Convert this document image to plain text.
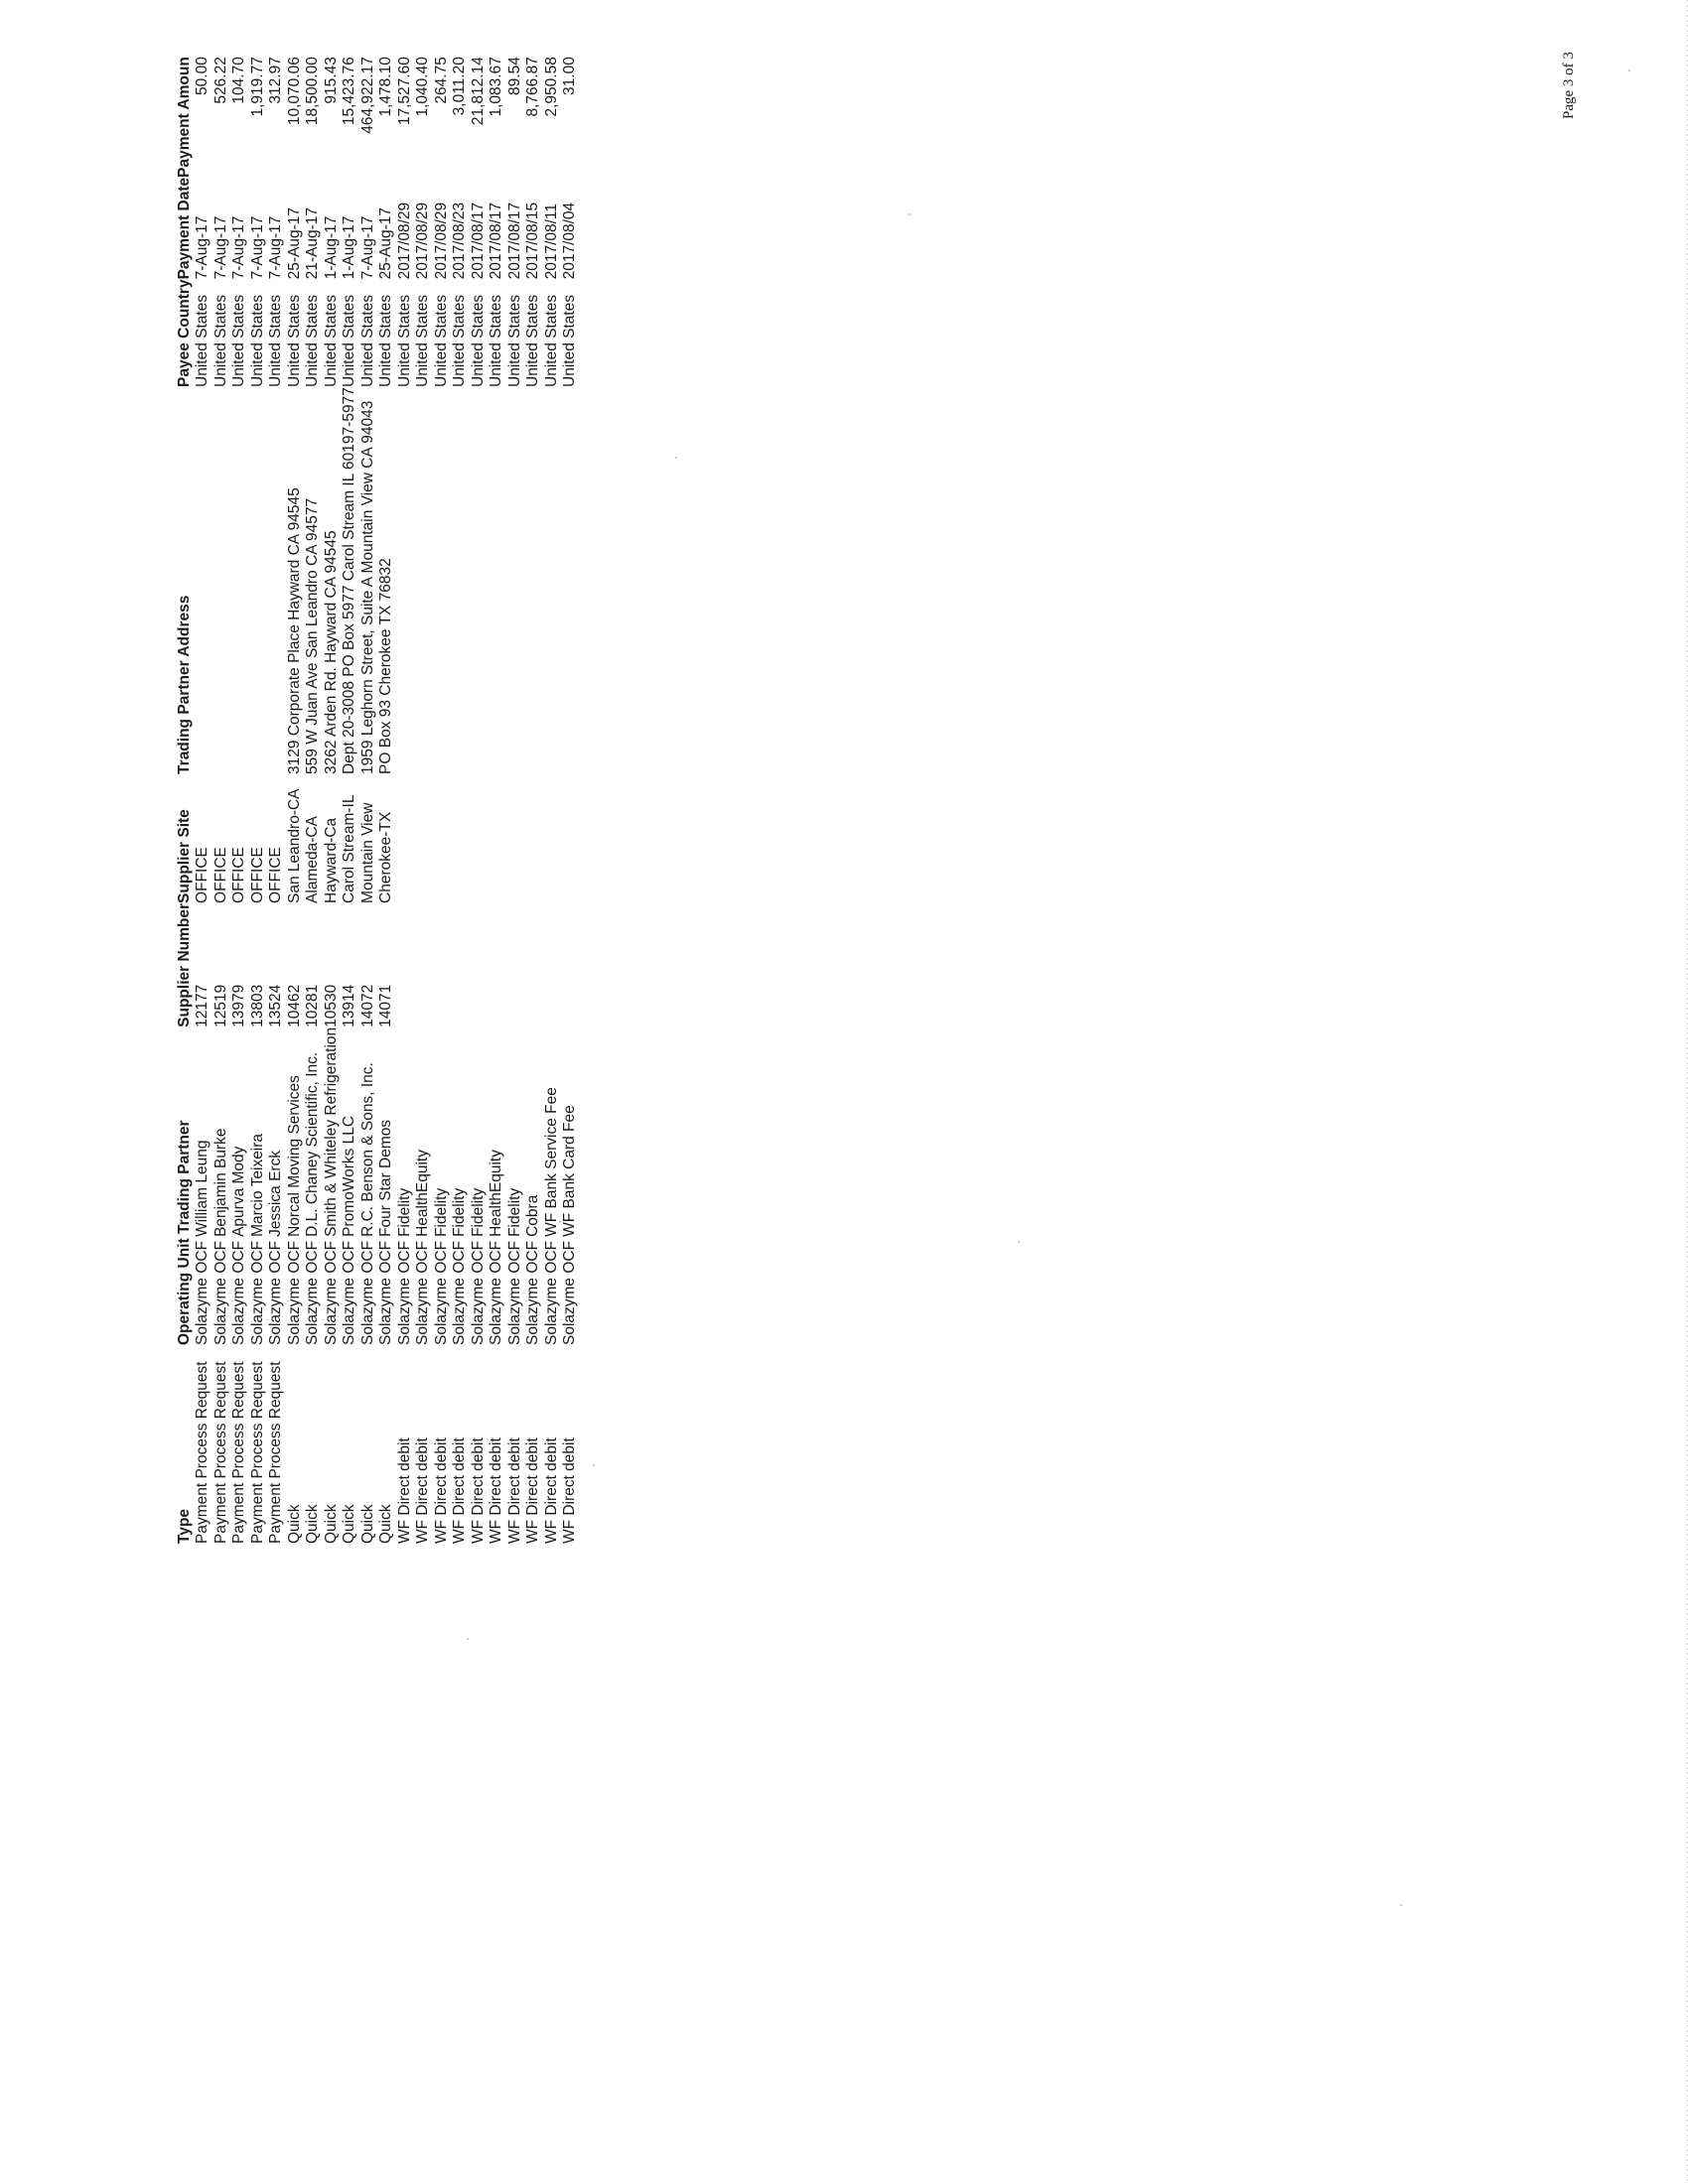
Type	Operating Unit Trading Partner		Supplier Number	Supplier Site	Trading Partner Address	Payee Country	Payment Date	Payment Amoun
Payment Process Request	Solazyme OCF	William Leung	12177	OFFICE		United States	7-Aug-17	50.00
Payment Process Request	Solazyme OCF	Benjamin Burke	12519	OFFICE		United States	7-Aug-17	526.22
Payment Process Request	Solazyme OCF	Apurva Mody	13979	OFFICE		United States	7-Aug-17	104.70
Payment Process Request	Solazyme OCF	Marcio Teixeira	13803	OFFICE		United States	7-Aug-17	1,919.77
Payment Process Request	Solazyme OCF	Jessica Erck	13524	OFFICE		United States	7-Aug-17	312.97
Quick	Solazyme OCF	Norcal Moving Services	10462	San Leandro-CA	3129 Corporate Place Hayward CA 94545	United States	25-Aug-17	10,070.06
Quick	Solazyme OCF	D.L. Chaney Scientific, Inc.	10281	Alameda-CA	559 W Juan Ave San Leandro CA 94577	United States	21-Aug-17	18,500.00
Quick	Solazyme OCF	Smith & Whiteley Refrigeration	10530	Hayward-Ca	3262 Arden Rd. Hayward CA 94545	United States	1-Aug-17	915.43
Quick	Solazyme OCF	PromoWorks LLC	13914	Carol Stream-IL	Dept 20-3008 PO Box 5977 Carol Stream IL 60197-5977	United States	1-Aug-17	15,423.76
Quick	Solazyme OCF	R.C. Benson & Sons, Inc.	14072	Mountain View	1959 Leghorn Street, Suite A Mountain View CA 94043	United States	7-Aug-17	464,922.17
Quick	Solazyme OCF	Four Star Demos	14071	Cherokee-TX	PO Box 93 Cherokee TX 76832	United States	25-Aug-17	1,478.10
WF Direct debit	Solazyme OCF	Fidelity				United States	2017/08/29	17,527.60
WF Direct debit	Solazyme OCF	HealthEquity				United States	2017/08/29	1,040.40
WF Direct debit	Solazyme OCF	Fidelity				United States	2017/08/29	264.75
WF Direct debit	Solazyme OCF	Fidelity				United States	2017/08/23	3,011.20
WF Direct debit	Solazyme OCF	Fidelity				United States	2017/08/17	21,812.14
WF Direct debit	Solazyme OCF	HealthEquity				United States	2017/08/17	1,083.67
WF Direct debit	Solazyme OCF	Fidelity				United States	2017/08/17	89.54
WF Direct debit	Solazyme OCF	Cobra				United States	2017/08/15	8,766.87
WF Direct debit	Solazyme OCF	WF Bank Service Fee				United States	2017/08/11	2,950.58
WF Direct debit	Solazyme OCF	WF Bank Card Fee				United States	2017/08/04	31.00	Page 3 of 3
